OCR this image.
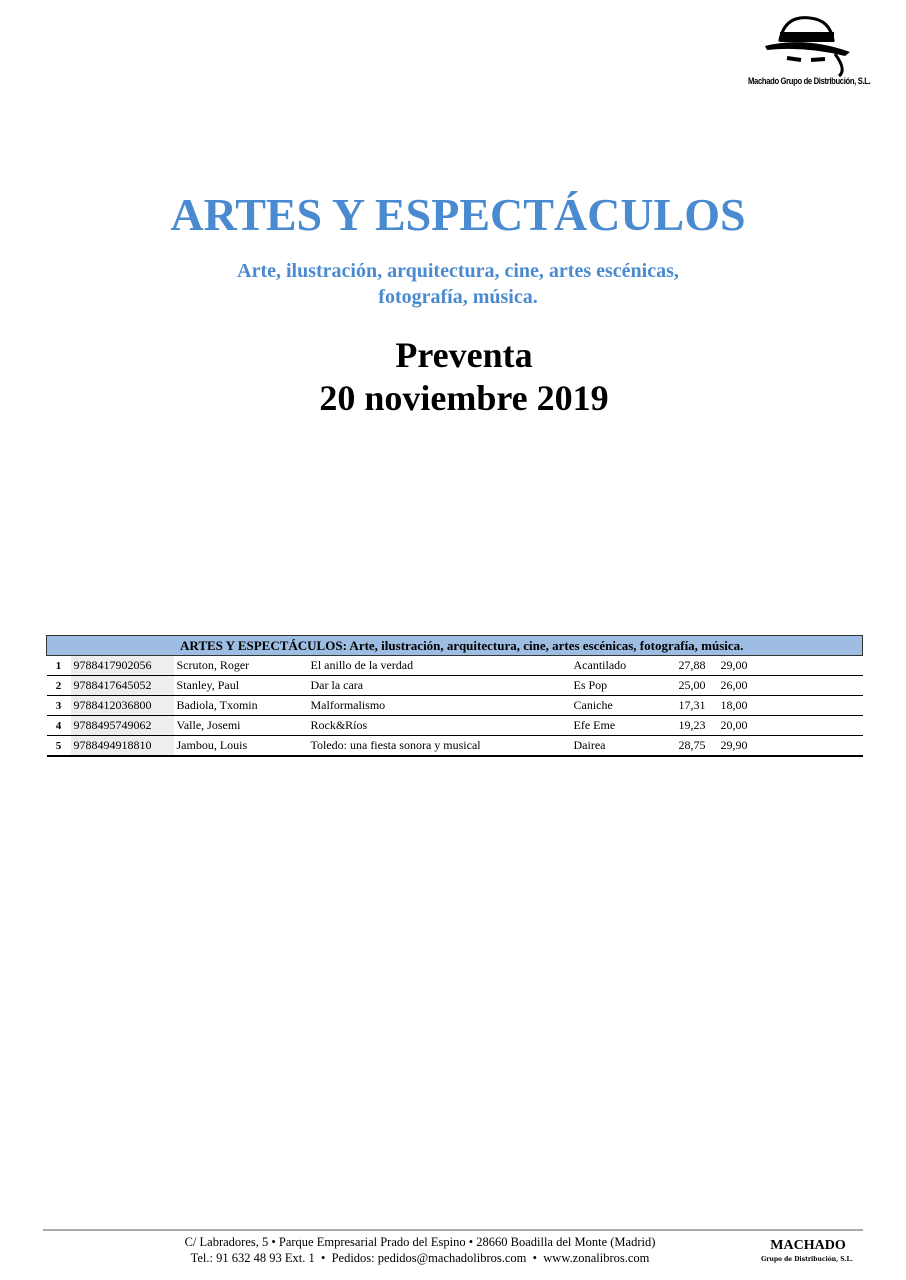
Machado Grupo de Distribución, S.L.
ARTES Y ESPECTÁCULOS
Arte, ilustración, arquitectura, cine, artes escénicas,
fotografía, música.
Preventa
20 noviembre 2019
ARTES Y ESPECTÁCULOS: Arte, ilustración, arquitectura, cine, artes escénicas, fotografía, música.						
1	9788417902056	Scruton, Roger	El anillo de la verdad	Acantilado	27,88	29,00
2	9788417645052	Stanley, Paul	Dar la cara	Es Pop	25,00	26,00
3	9788412036800	Badiola, Txomin	Malformalismo	Caniche	17,31	18,00
4	9788495749062	Valle, Josemi	Rock&Ríos	Efe Eme	19,23	20,00
5	9788494918810	Jambou, Louis	Toledo: una fiesta sonora y musical	Dairea	28,75	29,90
C/ Labradores, 5 • Parque Empresarial Prado del Espino • 28660 Boadilla del Monte (Madrid)
Tel.: 91 632 48 93 Ext. 1  •  Pedidos: pedidos@machadolibros.com  •  www.zonalibros.com
MACHADO
Grupo de Distribución, S.L.
